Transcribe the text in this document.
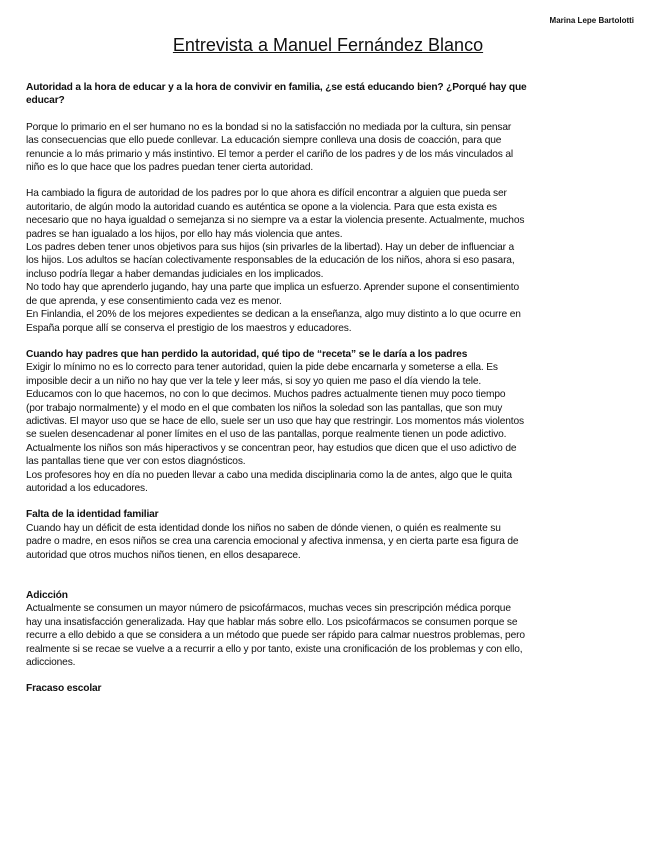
Marina Lepe Bartolotti
Entrevista a Manuel Fernández Blanco

Autoridad a la hora de educar y a la hora de convivir en familia, ¿se está educando bien? ¿Porqué hay que
educar?

Porque lo primario en el ser humano no es la bondad si no la satisfacción no mediada por la cultura, sin pensar
las consecuencias que ello puede conllevar. La educación siempre conlleva una dosis de coacción, para que
renuncie a lo más primario y más instintivo. El temor a perder el cariño de los padres y de los más vinculados al
niño es lo que hace que los padres puedan tener cierta autoridad.

Ha cambiado la figura de autoridad de los padres por lo que ahora es difícil encontrar a alguien que pueda ser
autoritario, de algún modo la autoridad cuando es auténtica se opone a la violencia. Para que esta exista es
necesario que no haya igualdad o semejanza si no siempre va a estar la violencia presente. Actualmente, muchos
padres se han igualado a los hijos, por ello hay más violencia que antes.
Los padres deben tener unos objetivos para sus hijos (sin privarles de la libertad). Hay un deber de influenciar a
los hijos. Los adultos se hacían colectivamente responsables de la educación de los niños, ahora si eso pasara,
incluso podría llegar a haber demandas judiciales en los implicados.
No todo hay que aprenderlo jugando, hay una parte que implica un esfuerzo. Aprender supone el consentimiento
de que aprenda, y ese consentimiento cada vez es menor.
En Finlandia, el 20% de los mejores expedientes se dedican a la enseñanza, algo muy distinto a lo que ocurre en
España porque allí se conserva el prestigio de los maestros y educadores.

Cuando hay padres que han perdido la autoridad, qué tipo de “receta” se le daría a los padres

Exigir lo mínimo no es lo correcto para tener autoridad, quien la pide debe encarnarla y someterse a ella. Es
imposible decir a un niño no hay que ver la tele y leer más, si soy yo quien me paso el día viendo la tele.
Educamos con lo que hacemos, no con lo que decimos. Muchos padres actualmente tienen muy poco tiempo
(por trabajo normalmente) y el modo en el que combaten los niños la soledad son las pantallas, que son muy
adictivas. El mayor uso que se hace de ello, suele ser un uso que hay que restringir. Los momentos más violentos
se suelen desencadenar al poner límites en el uso de las pantallas, porque realmente tienen un pode adictivo.
Actualmente los niños son más hiperactivos y se concentran peor, hay estudios que dicen que el uso adictivo de
las pantallas tiene que ver con estos diagnósticos.
Los profesores hoy en día no pueden llevar a cabo una medida disciplinaria como la de antes, algo que le quita
autoridad a los educadores.

Falta de la identidad familiar

Cuando hay un déficit de esta identidad donde los niños no saben de dónde vienen, o quién es realmente su
padre o madre, en esos niños se crea una carencia emocional y afectiva inmensa, y en cierta parte esa figura de
autoridad que otros muchos niños tienen, en ellos desaparece.

Adicción

Actualmente se consumen un mayor número de psicofármacos, muchas veces sin prescripción médica porque
hay una insatisfacción generalizada. Hay que hablar más sobre ello. Los psicofármacos se consumen porque se
recurre a ello debido a que se considera a un método que puede ser rápido para calmar nuestros problemas, pero
realmente si se recae se vuelve a a recurrir a ello y por tanto, existe una cronificación de los problemas y con ello,
adicciones.

Fracaso escolar
